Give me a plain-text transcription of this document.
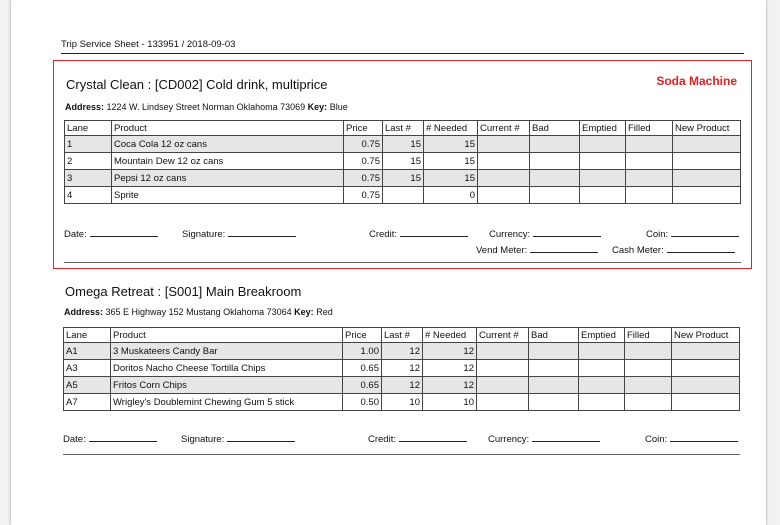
Trip Service Sheet - 133951 / 2018-09-03
Crystal Clean : [CD002] Cold drink, multiprice	Soda Machine
Address: 1224 W. Lindsey Street Norman Oklahoma 73069 Key: Blue
Lane	Product	Price	Last #	# Needed	Current #	Bad	Emptied	Filled	New Product
1	Coca Cola 12 oz cans	0.75	15	15					
2	Mountain Dew 12 oz cans	0.75	15	15					
3	Pepsi 12 oz cans	0.75	15	15					
4	Sprite	0.75		0					
Date:	Signature:	Credit:	Currency:	Coin:
Vend Meter:	Cash Meter:
Omega Retreat : [S001] Main Breakroom
Address: 365 E Highway 152 Mustang Oklahoma 73064 Key: Red
Lane	Product	Price	Last #	# Needed	Current #	Bad	Emptied	Filled	New Product
A1	3 Muskateers Candy Bar	1.00	12	12					
A3	Doritos Nacho Cheese Tortilla Chips	0.65	12	12					
A5	Fritos Corn Chips	0.65	12	12					
A7	Wrigley's Doublemint Chewing Gum 5 stick	0.50	10	10					
Date:	Signature:	Credit:	Currency:	Coin:
